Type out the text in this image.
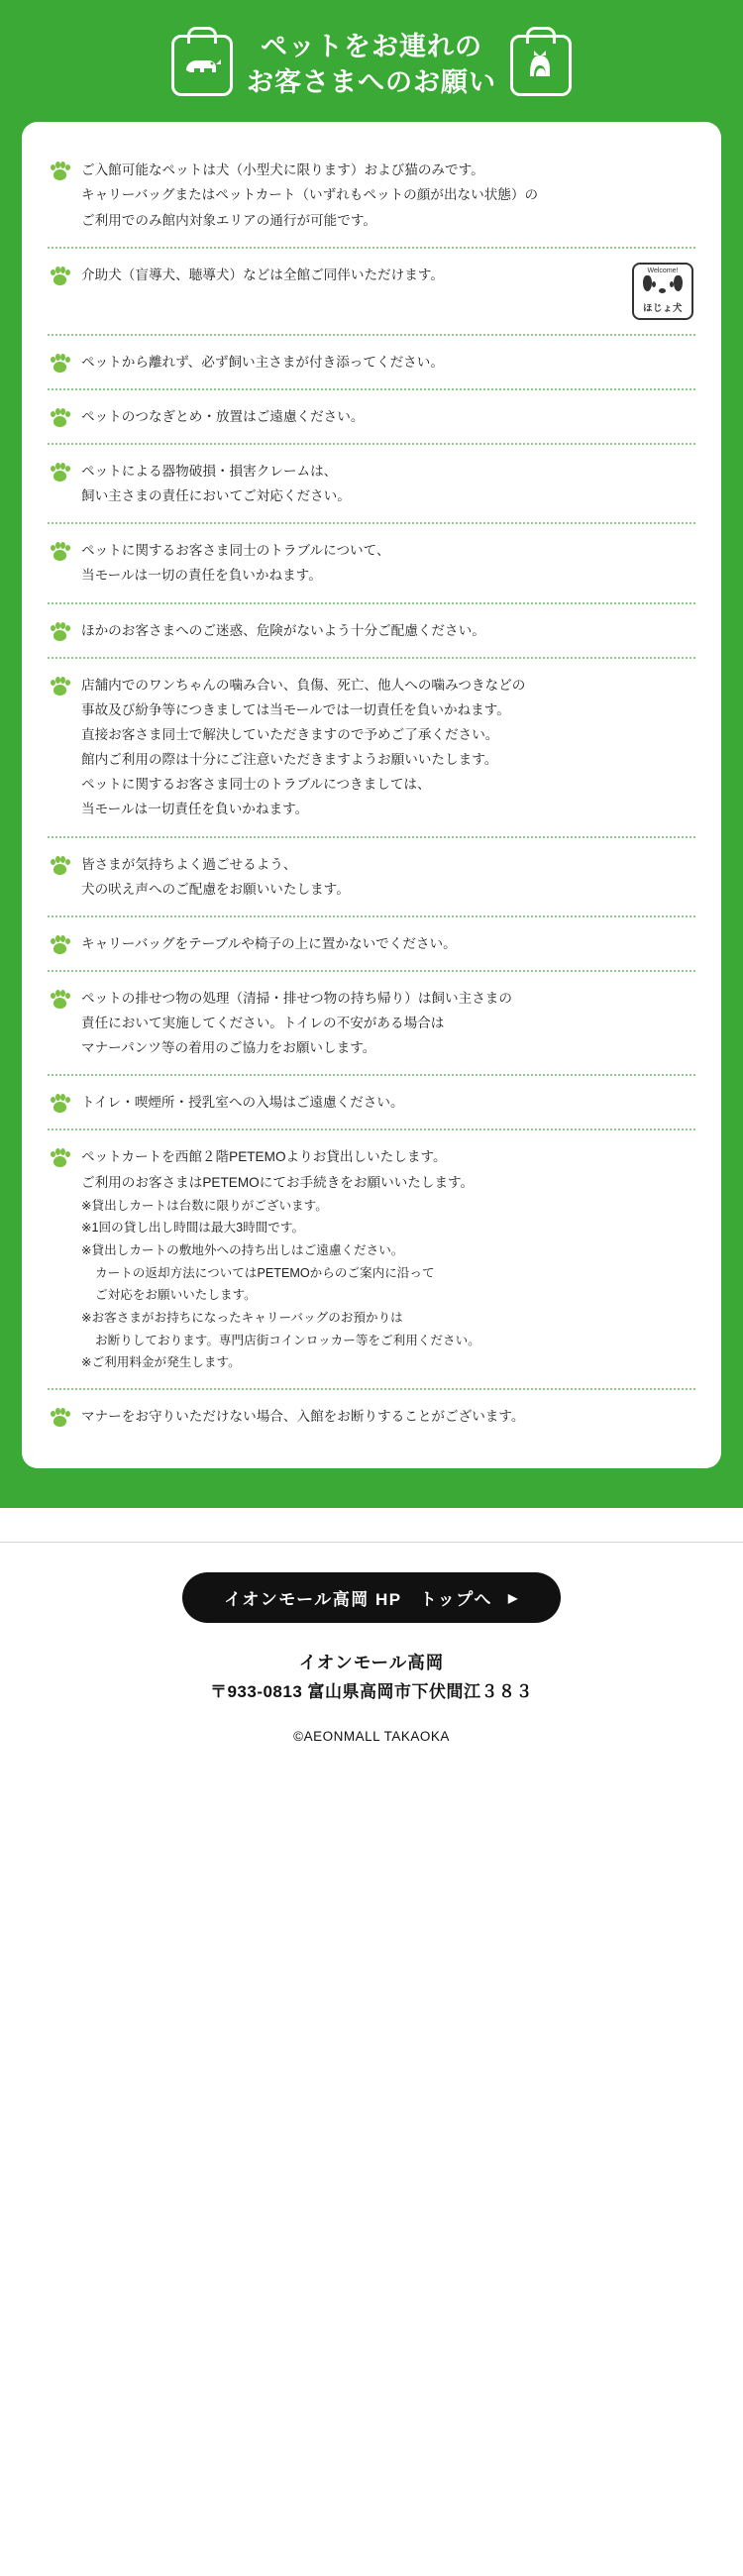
ペットをお連れの
お客さまへのお願い
ご入館可能なペットは犬（小型犬に限ります）および猫のみです。
キャリーバッグまたはペットカート（いずれもペットの顔が出ない状態）の
ご利用でのみ館内対象エリアの通行が可能です。
介助犬（盲導犬、聴導犬）などは全館ご同伴いただけます。	Welcome!
ほじょ犬
ペットから離れず、必ず飼い主さまが付き添ってください。
ペットのつなぎとめ・放置はご遠慮ください。
ペットによる器物破損・損害クレームは、
飼い主さまの責任においてご対応ください。
ペットに関するお客さま同士のトラブルについて、
当モールは一切の責任を負いかねます。
ほかのお客さまへのご迷惑、危険がないよう十分ご配慮ください。
店舗内でのワンちゃんの噛み合い、負傷、死亡、他人への噛みつきなどの
事故及び紛争等につきましては当モールでは一切責任を負いかねます。
直接お客さま同士で解決していただきますので予めご了承ください。
館内ご利用の際は十分にご注意いただきますようお願いいたします。
ペットに関するお客さま同士のトラブルにつきましては、
当モールは一切責任を負いかねます。
皆さまが気持ちよく過ごせるよう、
犬の吠え声へのご配慮をお願いいたします。
キャリーバッグをテーブルや椅子の上に置かないでください。
ペットの排せつ物の処理（清掃・排せつ物の持ち帰り）は飼い主さまの
責任において実施してください。トイレの不安がある場合は
マナーパンツ等の着用のご協力をお願いします。
トイレ・喫煙所・授乳室への入場はご遠慮ください。
ペットカートを西館２階PETEMOよりお貸出しいたします。
ご利用のお客さまはPETEMOにてお手続きをお願いいたします。
※貸出しカートは台数に限りがございます。
※1回の貸し出し時間は最大3時間です。
※貸出しカートの敷地外への持ち出しはご遠慮ください。
カートの返却方法についてはPETEMOからのご案内に沿って
ご対応をお願いいたします。
※お客さまがお持ちになったキャリーバッグのお預かりは
お断りしております。専門店街コインロッカー等をご利用ください。
※ご利用料金が発生します。
マナーをお守りいただけない場合、入館をお断りすることがございます。
イオンモール高岡 HP　トップへ ▶
イオンモール高岡
〒933-0813 富山県高岡市下伏間江３８３
©AEONMALL TAKAOKA
